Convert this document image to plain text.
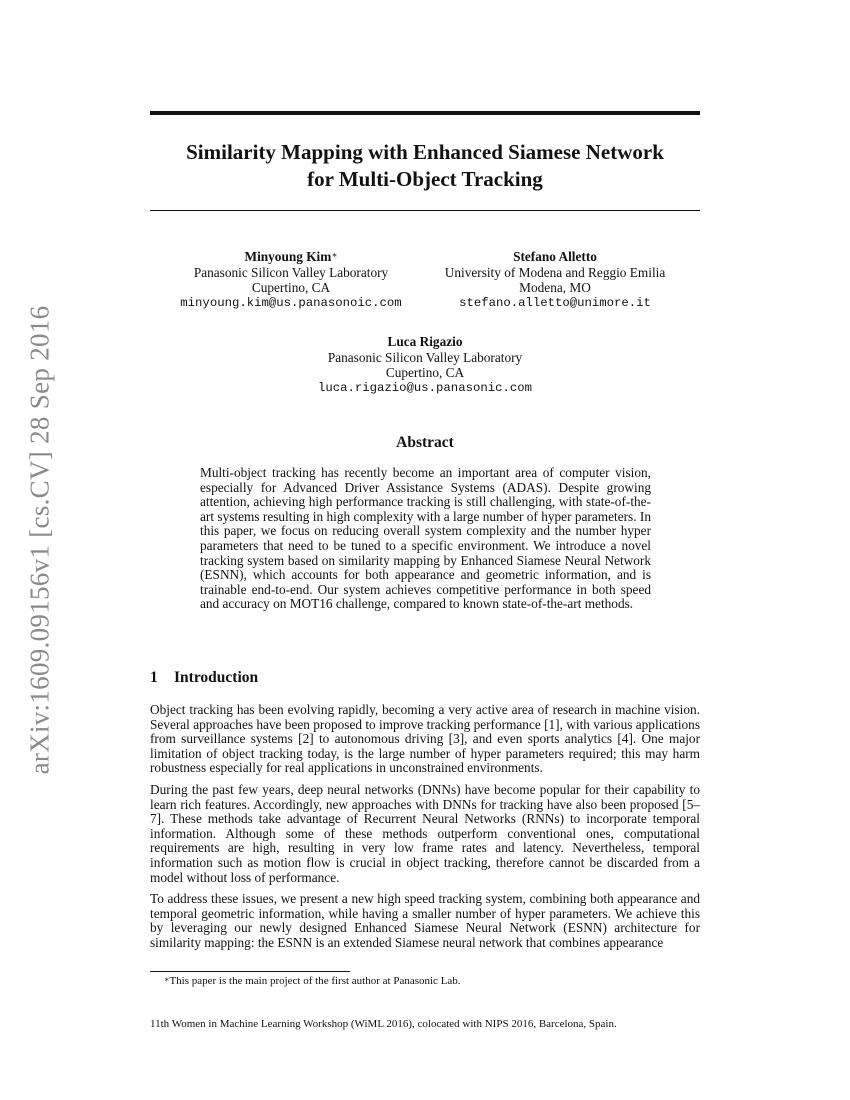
arXiv:1609.09156v1 [cs.CV] 28 Sep 2016
Similarity Mapping with Enhanced Siamese Network
for Multi-Object Tracking
Minyoung Kim∗
Panasonic Silicon Valley Laboratory
Cupertino, CA
minyoung.kim@us.panasonoic.com
Stefano Alletto
University of Modena and Reggio Emilia
Modena, MO
stefano.alletto@unimore.it
Luca Rigazio
Panasonic Silicon Valley Laboratory
Cupertino, CA
luca.rigazio@us.panasonic.com
Abstract
Multi-object tracking has recently become an important area of computer vision, especially for Advanced Driver Assistance Systems (ADAS). Despite growing attention, achieving high performance tracking is still challenging, with state-of-the-art systems resulting in high complexity with a large number of hyper parameters. In this paper, we focus on reducing overall system complexity and the number hyper parameters that need to be tuned to a specific environment. We introduce a novel tracking system based on similarity mapping by Enhanced Siamese Neural Network (ESNN), which accounts for both appearance and geometric information, and is trainable end-to-end. Our system achieves competitive performance in both speed and accuracy on MOT16 challenge, compared to known state-of-the-art methods.
1 Introduction

Object tracking has been evolving rapidly, becoming a very active area of research in machine vision. Several approaches have been proposed to improve tracking performance [1], with various applications from surveillance systems [2] to autonomous driving [3], and even sports analytics [4]. One major limitation of object tracking today, is the large number of hyper parameters required; this may harm robustness especially for real applications in unconstrained environments.

During the past few years, deep neural networks (DNNs) have become popular for their capability to learn rich features. Accordingly, new approaches with DNNs for tracking have also been proposed [5–7]. These methods take advantage of Recurrent Neural Networks (RNNs) to incorporate temporal information. Although some of these methods outperform conventional ones, computational requirements are high, resulting in very low frame rates and latency. Nevertheless, temporal information such as motion flow is crucial in object tracking, therefore cannot be discarded from a model without loss of performance.

To address these issues, we present a new high speed tracking system, combining both appearance and temporal geometric information, while having a smaller number of hyper parameters. We achieve this by leveraging our newly designed Enhanced Siamese Neural Network (ESNN) architecture for similarity mapping: the ESNN is an extended Siamese neural network that combines appearance

∗This paper is the main project of the first author at Panasonic Lab.
11th Women in Machine Learning Workshop (WiML 2016), colocated with NIPS 2016, Barcelona, Spain.
